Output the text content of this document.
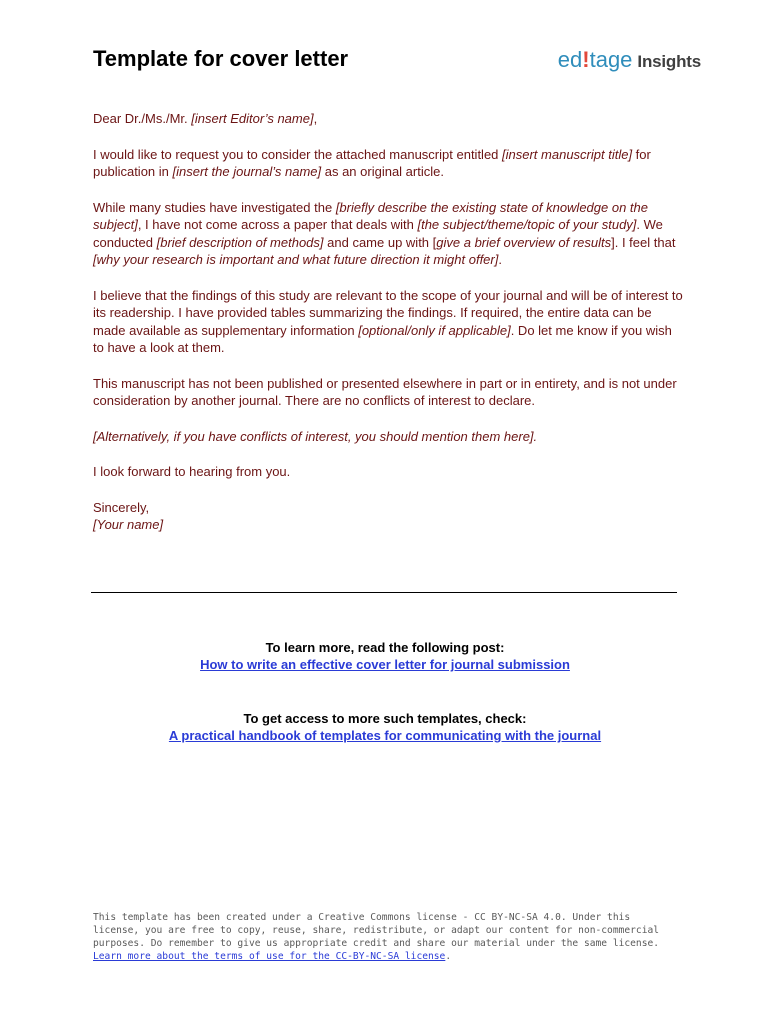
Template for cover letter	ed!tage Insights

Dear Dr./Ms./Mr. [insert Editor’s name],

I would like to request you to consider the attached manuscript entitled [insert manuscript title] for publication in [insert the journal’s name] as an original article.

While many studies have investigated the [briefly describe the existing state of knowledge on the subject], I have not come across a paper that deals with [the subject/theme/topic of your study]. We conducted [brief description of methods] and came up with [give a brief overview of results]. I feel that [why your research is important and what future direction it might offer].

I believe that the findings of this study are relevant to the scope of your journal and will be of interest to its readership. I have provided tables summarizing the findings. If required, the entire data can be made available as supplementary information [optional/only if applicable]. Do let me know if you wish to have a look at them.

This manuscript has not been published or presented elsewhere in part or in entirety, and is not under consideration by another journal. There are no conflicts of interest to declare.

[Alternatively, if you have conflicts of interest, you should mention them here].

I look forward to hearing from you.

Sincerely,
[Your name]

To learn more, read the following post:
How to write an effective cover letter for journal submission
To get access to more such templates, check:
A practical handbook of templates for communicating with the journal
This template has been created under a Creative Commons license - CC BY-NC-SA 4.0. Under this license, you are free to copy, reuse, share, redistribute, or adapt our content for non-commercial purposes. Do remember to give us appropriate credit and share our material under the same license. Learn more about the terms of use for the CC-BY-NC-SA license.
